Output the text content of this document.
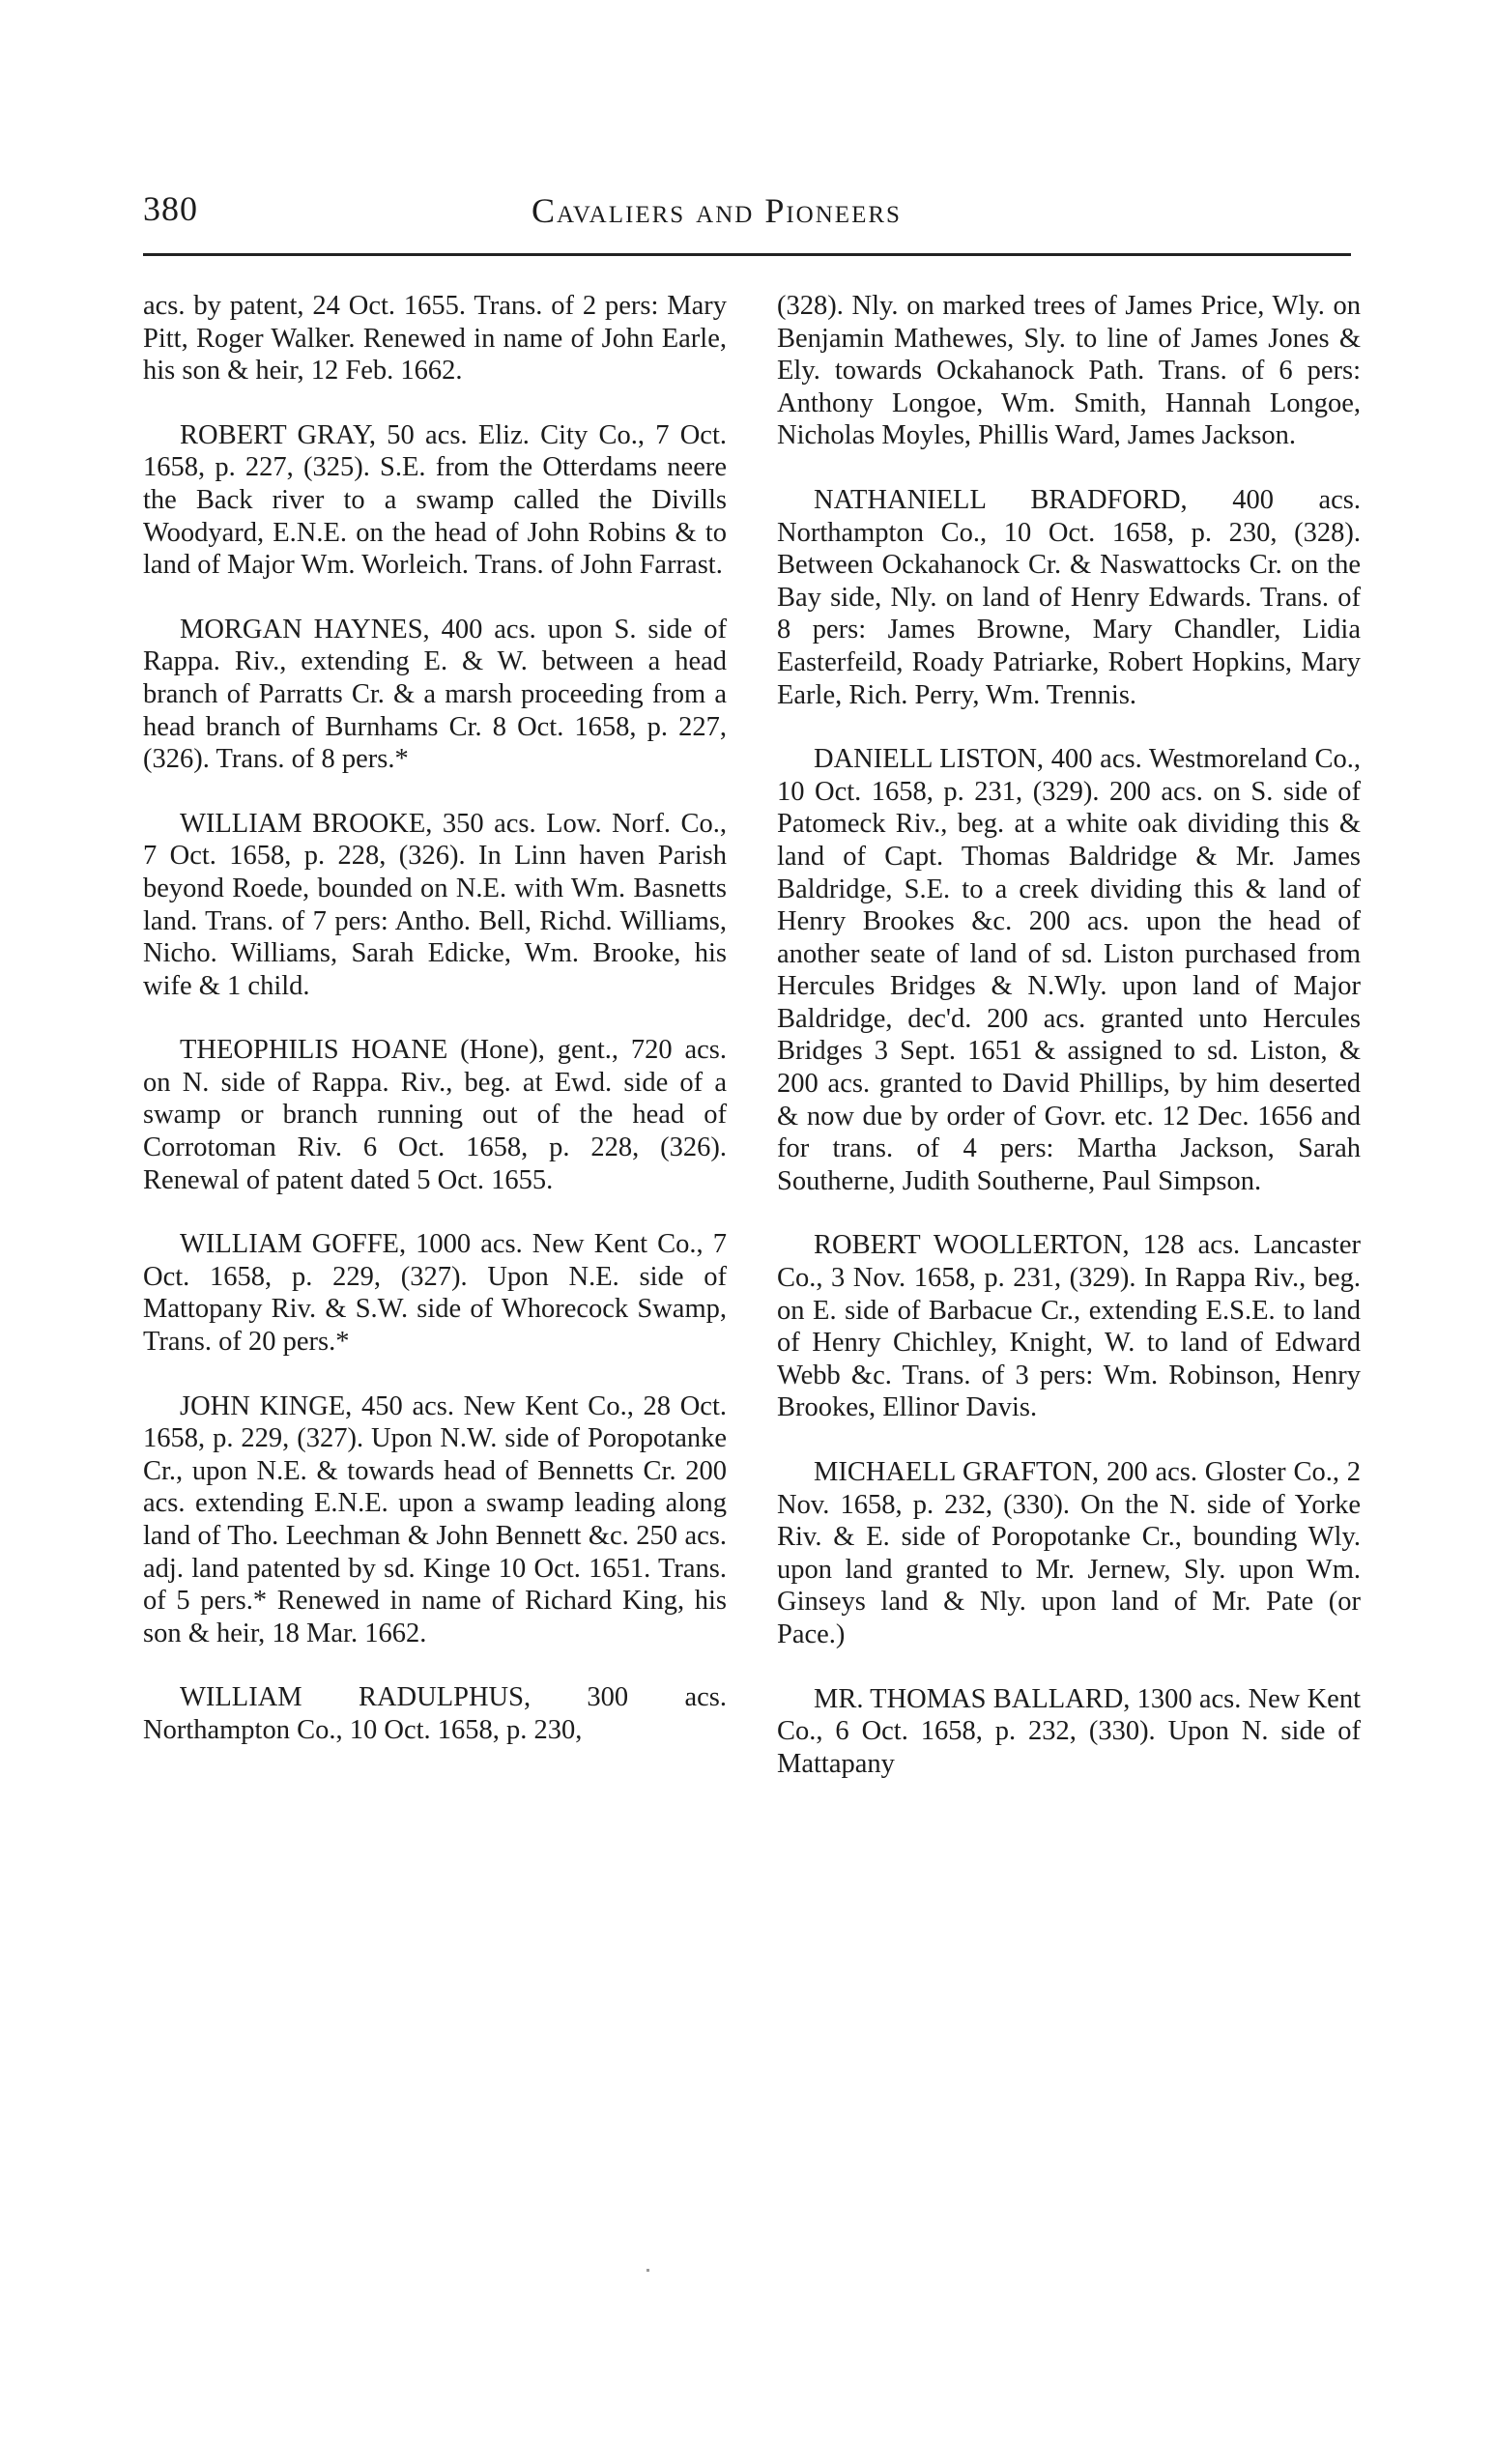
380	Cavaliers and Pioneers

acs. by patent, 24 Oct. 1655. Trans. of 2 pers: Mary Pitt, Roger Walker. Renewed in name of John Earle, his son & heir, 12 Feb. 1662.

ROBERT GRAY, 50 acs. Eliz. City Co., 7 Oct. 1658, p. 227, (325). S.E. from the Otterdams neere the Back river to a swamp called the Divills Woodyard, E.N.E. on the head of John Robins & to land of Major Wm. Worleich. Trans. of John Farrast.

MORGAN HAYNES, 400 acs. upon S. side of Rappa. Riv., extending E. & W. between a head branch of Parratts Cr. & a marsh proceeding from a head branch of Burnhams Cr. 8 Oct. 1658, p. 227, (326). Trans. of 8 pers.*

WILLIAM BROOKE, 350 acs. Low. Norf. Co., 7 Oct. 1658, p. 228, (326). In Linn haven Parish beyond Roede, bounded on N.E. with Wm. Basnetts land. Trans. of 7 pers: Antho. Bell, Richd. Williams, Nicho. Williams, Sarah Edicke, Wm. Brooke, his wife & 1 child.

THEOPHILIS HOANE (Hone), gent., 720 acs. on N. side of Rappa. Riv., beg. at Ewd. side of a swamp or branch running out of the head of Corrotoman Riv. 6 Oct. 1658, p. 228, (326). Renewal of patent dated 5 Oct. 1655.

WILLIAM GOFFE, 1000 acs. New Kent Co., 7 Oct. 1658, p. 229, (327). Upon N.E. side of Mattopany Riv. & S.W. side of Whorecock Swamp, Trans. of 20 pers.*

JOHN KINGE, 450 acs. New Kent Co., 28 Oct. 1658, p. 229, (327). Upon N.W. side of Poropotanke Cr., upon N.E. & towards head of Bennetts Cr. 200 acs. extending E.N.E. upon a swamp leading along land of Tho. Leechman & John Bennett &c. 250 acs. adj. land patented by sd. Kinge 10 Oct. 1651. Trans. of 5 pers.* Renewed in name of Richard King, his son & heir, 18 Mar. 1662.

WILLIAM RADULPHUS, 300 acs. Northampton Co., 10 Oct. 1658, p. 230,

(328). Nly. on marked trees of James Price, Wly. on Benjamin Mathewes, Sly. to line of James Jones & Ely. towards Ockahanock Path. Trans. of 6 pers: Anthony Longoe, Wm. Smith, Hannah Longoe, Nicholas Moyles, Phillis Ward, James Jackson.

NATHANIELL BRADFORD, 400 acs. Northampton Co., 10 Oct. 1658, p. 230, (328). Between Ockahanock Cr. & Naswattocks Cr. on the Bay side, Nly. on land of Henry Edwards. Trans. of 8 pers: James Browne, Mary Chandler, Lidia Easterfeild, Roady Patriarke, Robert Hopkins, Mary Earle, Rich. Perry, Wm. Trennis.

DANIELL LISTON, 400 acs. Westmoreland Co., 10 Oct. 1658, p. 231, (329). 200 acs. on S. side of Patomeck Riv., beg. at a white oak dividing this & land of Capt. Thomas Baldridge & Mr. James Baldridge, S.E. to a creek dividing this & land of Henry Brookes &c. 200 acs. upon the head of another seate of land of sd. Liston purchased from Hercules Bridges & N.Wly. upon land of Major Baldridge, dec'd. 200 acs. granted unto Hercules Bridges 3 Sept. 1651 & assigned to sd. Liston, & 200 acs. granted to David Phillips, by him deserted & now due by order of Govr. etc. 12 Dec. 1656 and for trans. of 4 pers: Martha Jackson, Sarah Southerne, Judith Southerne, Paul Simpson.

ROBERT WOOLLERTON, 128 acs. Lancaster Co., 3 Nov. 1658, p. 231, (329). In Rappa Riv., beg. on E. side of Barbacue Cr., extending E.S.E. to land of Henry Chichley, Knight, W. to land of Edward Webb &c. Trans. of 3 pers: Wm. Robinson, Henry Brookes, Ellinor Davis.

MICHAELL GRAFTON, 200 acs. Gloster Co., 2 Nov. 1658, p. 232, (330). On the N. side of Yorke Riv. & E. side of Poropotanke Cr., bounding Wly. upon land granted to Mr. Jernew, Sly. upon Wm. Ginseys land & Nly. upon land of Mr. Pate (or Pace.)

MR. THOMAS BALLARD, 1300 acs. New Kent Co., 6 Oct. 1658, p. 232, (330). Upon N. side of Mattapany
